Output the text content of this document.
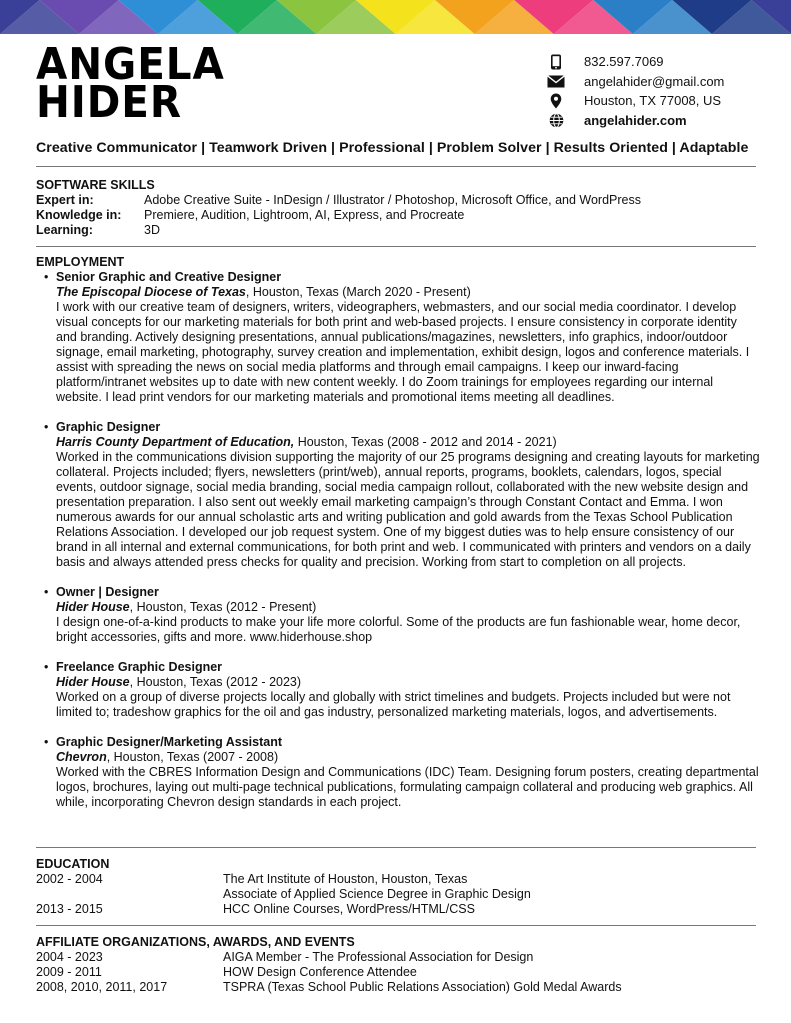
ANGELA
HIDER
832.597.7069
angelahider@gmail.com
Houston, TX 77008, US
angelahider.com
Creative Communicator | Teamwork Driven | Professional | Problem Solver | Results Oriented | Adaptable
SOFTWARE SKILLS
Expert in:	Adobe Creative Suite - InDesign / Illustrator / Photoshop, Microsoft Office, and WordPress
Knowledge in:	Premiere, Audition, Lightroom, AI, Express, and Procreate
Learning:	3D
EMPLOYMENT
• Senior Graphic and Creative Designer
The Episcopal Diocese of Texas, Houston, Texas (March 2020 - Present)

I work with our creative team of designers, writers, videographers, webmasters, and our social media coordinator. I develop visual concepts for our marketing materials for both print and web-based projects. I ensure consistency in corporate identity and branding. Actively designing presentations, annual publications/magazines, newsletters, info graphics, indoor/outdoor signage, email marketing, photography, survey creation and implementation, exhibit design, logos and conference materials. I assist with spreading the news on social media platforms and through email campaigns. I keep our inward-facing platform/intranet websites up to date with new content weekly. I do Zoom trainings for employees regarding our internal website. I lead print vendors for our marketing materials and promotional items meeting all deadlines.

• Graphic Designer
Harris County Department of Education, Houston, Texas (2008 - 2012 and 2014 - 2021)

Worked in the communications division supporting the majority of our 25 programs designing and creating layouts for marketing collateral. Projects included; flyers, newsletters (print/web), annual reports, programs, booklets, calendars, logos, special events, outdoor signage, social media branding, social media campaign rollout, collaborated with the new website design and presentation preparation. I also sent out weekly email marketing campaign’s through Constant Contact and Emma. I won numerous awards for our annual scholastic arts and writing publication and gold awards from the Texas School Publication Relations Association. I developed our job request system. One of my biggest duties was to help ensure consistency of our brand in all internal and external communications, for both print and web. I communicated with printers and vendors on a daily basis and always attended press checks for quality and precision. Working from start to completion on all projects.

• Owner | Designer
Hider House, Houston, Texas (2012 - Present)

I design one-of-a-kind products to make your life more colorful. Some of the products are fun fashionable wear, home decor, bright accessories, gifts and more. www.hiderhouse.shop

• Freelance Graphic Designer
Hider House, Houston, Texas (2012 - 2023)

Worked on a group of diverse projects locally and globally with strict timelines and budgets. Projects included but were not limited to; tradeshow graphics for the oil and gas industry, personalized marketing materials, logos, and advertisements.

• Graphic Designer/Marketing Assistant
Chevron, Houston, Texas (2007 - 2008)

Worked with the CBRES Information Design and Communications (IDC) Team. Designing forum posters, creating departmental logos, brochures, laying out multi-page technical publications, formulating campaign collateral and producing web graphics. All while, incorporating Chevron design standards in each project.

EDUCATION
2002 - 2004	The Art Institute of Houston, Houston, Texas
Associate of Applied Science Degree in Graphic Design
2013 - 2015	HCC Online Courses, WordPress/HTML/CSS
AFFILIATE ORGANIZATIONS, AWARDS, AND EVENTS
2004 - 2023	AIGA Member - The Professional Association for Design
2009 - 2011	HOW Design Conference Attendee
2008, 2010, 2011, 2017	TSPRA (Texas School Public Relations Association) Gold Medal Awards
